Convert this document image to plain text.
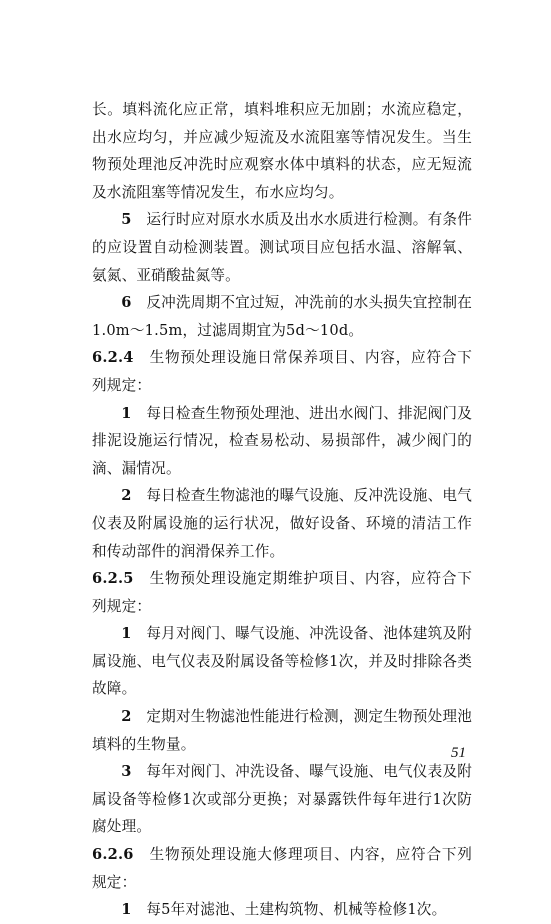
长。填料流化应正常，填料堆积应无加剧；水流应稳定，出水应均匀，并应减少短流及水流阻塞等情况发生。当生物预处理池反冲洗时应观察水体中填料的状态，应无短流及水流阻塞等情况发生，布水应均匀。

5　 运行时应对原水水质及出水水质进行检测。有条件的应设置自动检测装置。测试项目应包括水温、溶解氧、氨氮、亚硝酸盐氮等。

6　 反冲洗周期不宜过短，冲洗前的水头损失宜控制在1.0m～1.5m，过滤周期宜为5d～10d。

6.2.4　 生物预处理设施日常保养项目、内容，应符合下列规定：

1　 每日检查生物预处理池、进出水阀门、排泥阀门及排泥设施运行情况，检查易松动、易损部件，减少阀门的滴、漏情况。

2　 每日检查生物滤池的曝气设施、反冲洗设施、电气仪表及附属设施的运行状况，做好设备、环境的清洁工作和传动部件的润滑保养工作。

6.2.5　 生物预处理设施定期维护项目、内容，应符合下列规定：

1　 每月对阀门、曝气设施、冲洗设备、池体建筑及附属设施、电气仪表及附属设备等检修1次，并及时排除各类故障。

2　 定期对生物滤池性能进行检测，测定生物预处理池填料的生物量。

3　 每年对阀门、冲洗设备、曝气设施、电气仪表及附属设备等检修1次或部分更换；对暴露铁件每年进行1次防腐处理。

6.2.6　 生物预处理设施大修理项目、内容，应符合下列规定：

1　 每5年对滤池、土建构筑物、机械等检修1次。

51
